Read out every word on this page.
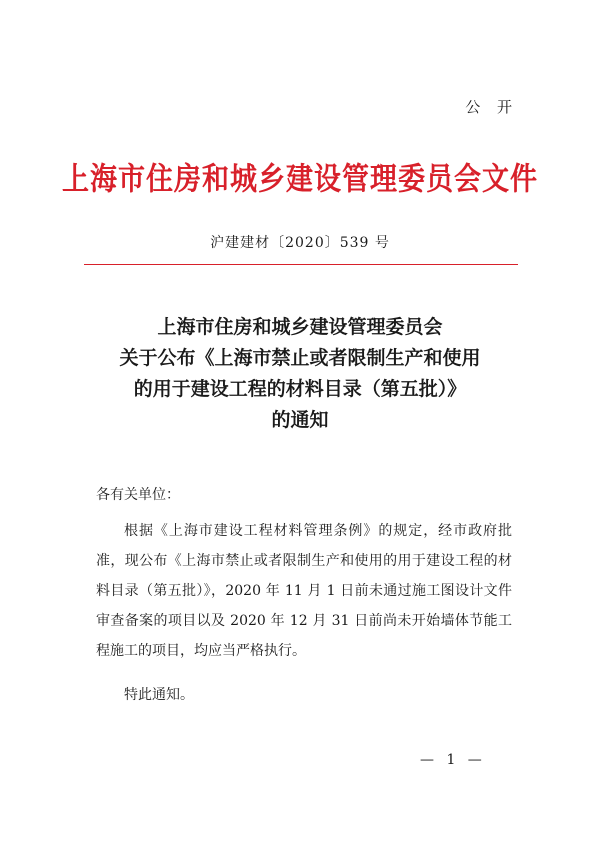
公 开
上海市住房和城乡建设管理委员会文件
沪建建材〔2020〕539 号
上海市住房和城乡建设管理委员会
关于公布《上海市禁止或者限制生产和使用
的用于建设工程的材料目录（第五批）》
的通知
各有关单位：
根据《上海市建设工程材料管理条例》的规定，经市政府批准，现公布《上海市禁止或者限制生产和使用的用于建设工程的材料目录（第五批）》，2020 年 11 月 1 日前未通过施工图设计文件审查备案的项目以及 2020 年 12 月 31 日前尚未开始墙体节能工程施工的项目，均应当严格执行。
特此通知。
— 1 —
